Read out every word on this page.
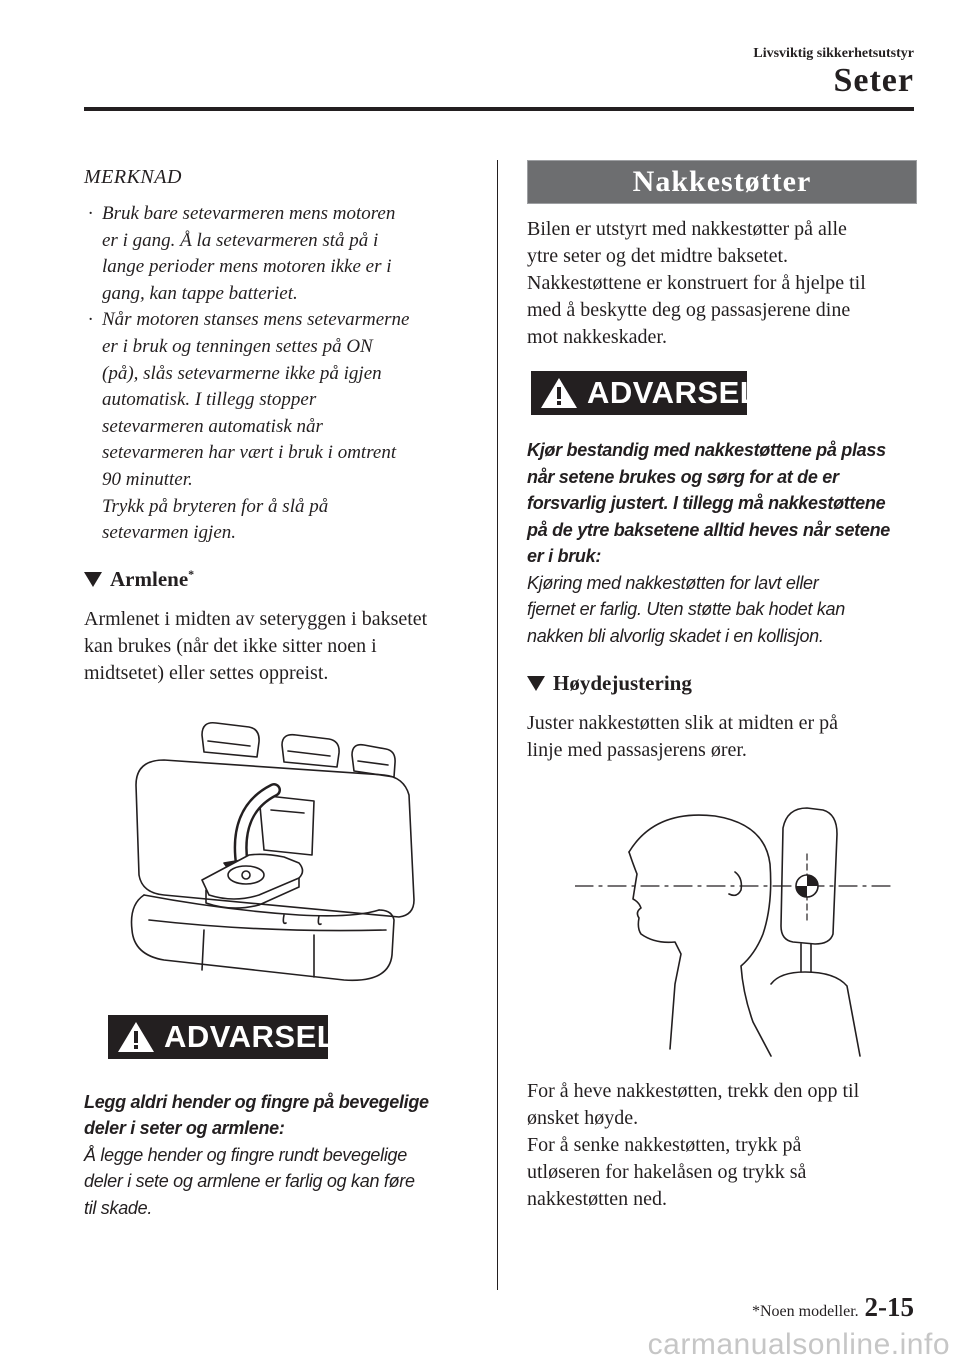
Livsviktig sikkerhetsutstyr
Seter
MERKNAD
· Bruk bare setevarmeren mens motoren
er i gang. Å la setevarmeren stå på i
lange perioder mens motoren ikke er i
gang, kan tappe batteriet.
· Når motoren stanses mens setevarmerne
er i bruk og tenningen settes på ON
(på), slås setevarmerne ikke på igjen
automatisk. I tillegg stopper
setevarmeren automatisk når
setevarmeren har vært i bruk i omtrent
90 minutter.
Trykk på bryteren for å slå på
setevarmen igjen.
Armlene*
Armlenet i midten av seteryggen i baksetet
kan brukes (når det ikke sitter noen i
midtsetet) eller settes oppreist.
ADVARSEL
Legg aldri hender og fingre på bevegelige
deler i seter og armlene:
Å legge hender og fingre rundt bevegelige
deler i sete og armlene er farlig og kan føre
til skade.
Nakkestøtter
Bilen er utstyrt med nakkestøtter på alle
ytre seter og det midtre baksetet.
Nakkestøttene er konstruert for å hjelpe til
med å beskytte deg og passasjerene dine
mot nakkeskader.
ADVARSEL
Kjør bestandig med nakkestøttene på plass
når setene brukes og sørg for at de er
forsvarlig justert. I tillegg må nakkestøttene
på de ytre baksetene alltid heves når setene
er i bruk:
Kjøring med nakkestøtten for lavt eller
fjernet er farlig. Uten støtte bak hodet kan
nakken bli alvorlig skadet i en kollisjon.
Høydejustering
Juster nakkestøtten slik at midten er på
linje med passasjerens ører.
For å heve nakkestøtten, trekk den opp til
ønsket høyde.
For å senke nakkestøtten, trykk på
utløseren for hakelåsen og trykk så
nakkestøtten ned.
*Noen modeller. 2-15
carmanualsonline.info
